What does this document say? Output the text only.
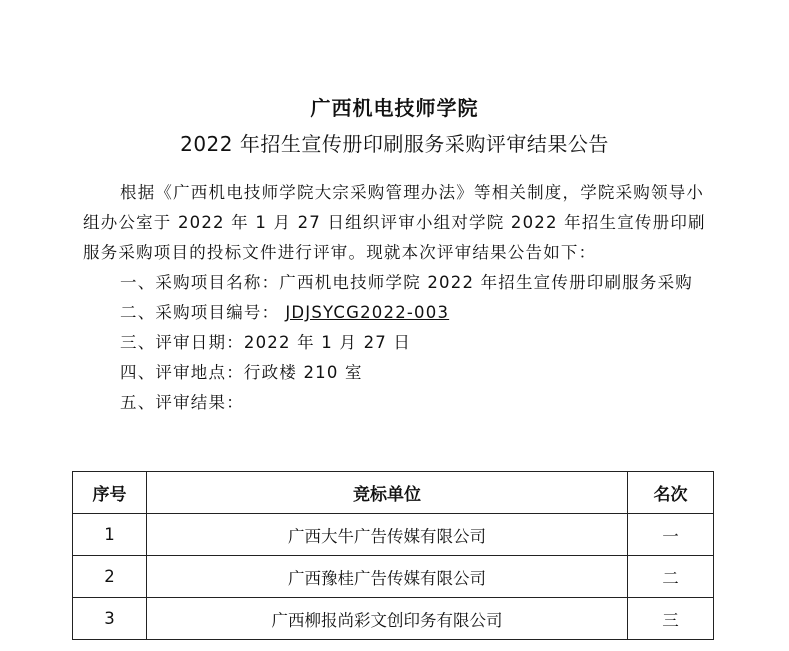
广西机电技师学院
2022 年招生宣传册印刷服务采购评审结果公告

根据《广西机电技师学院大宗采购管理办法》等相关制度，学院采购领导小组办公室于 2022 年 1 月 27 日组织评审小组对学院 2022 年招生宣传册印刷服务采购项目的投标文件进行评审。现就本次评审结果公告如下：

一、采购项目名称：广西机电技师学院 2022 年招生宣传册印刷服务采购

二、采购项目编号： JDJSYCG2022-003

三、评审日期：2022 年 1 月 27 日

四、评审地点：行政楼 210 室

五、评审结果：

序号	竞标单位	名次
1	广西大牛广告传媒有限公司	一
2	广西豫桂广告传媒有限公司	二
3	广西柳报尚彩文创印务有限公司	三
